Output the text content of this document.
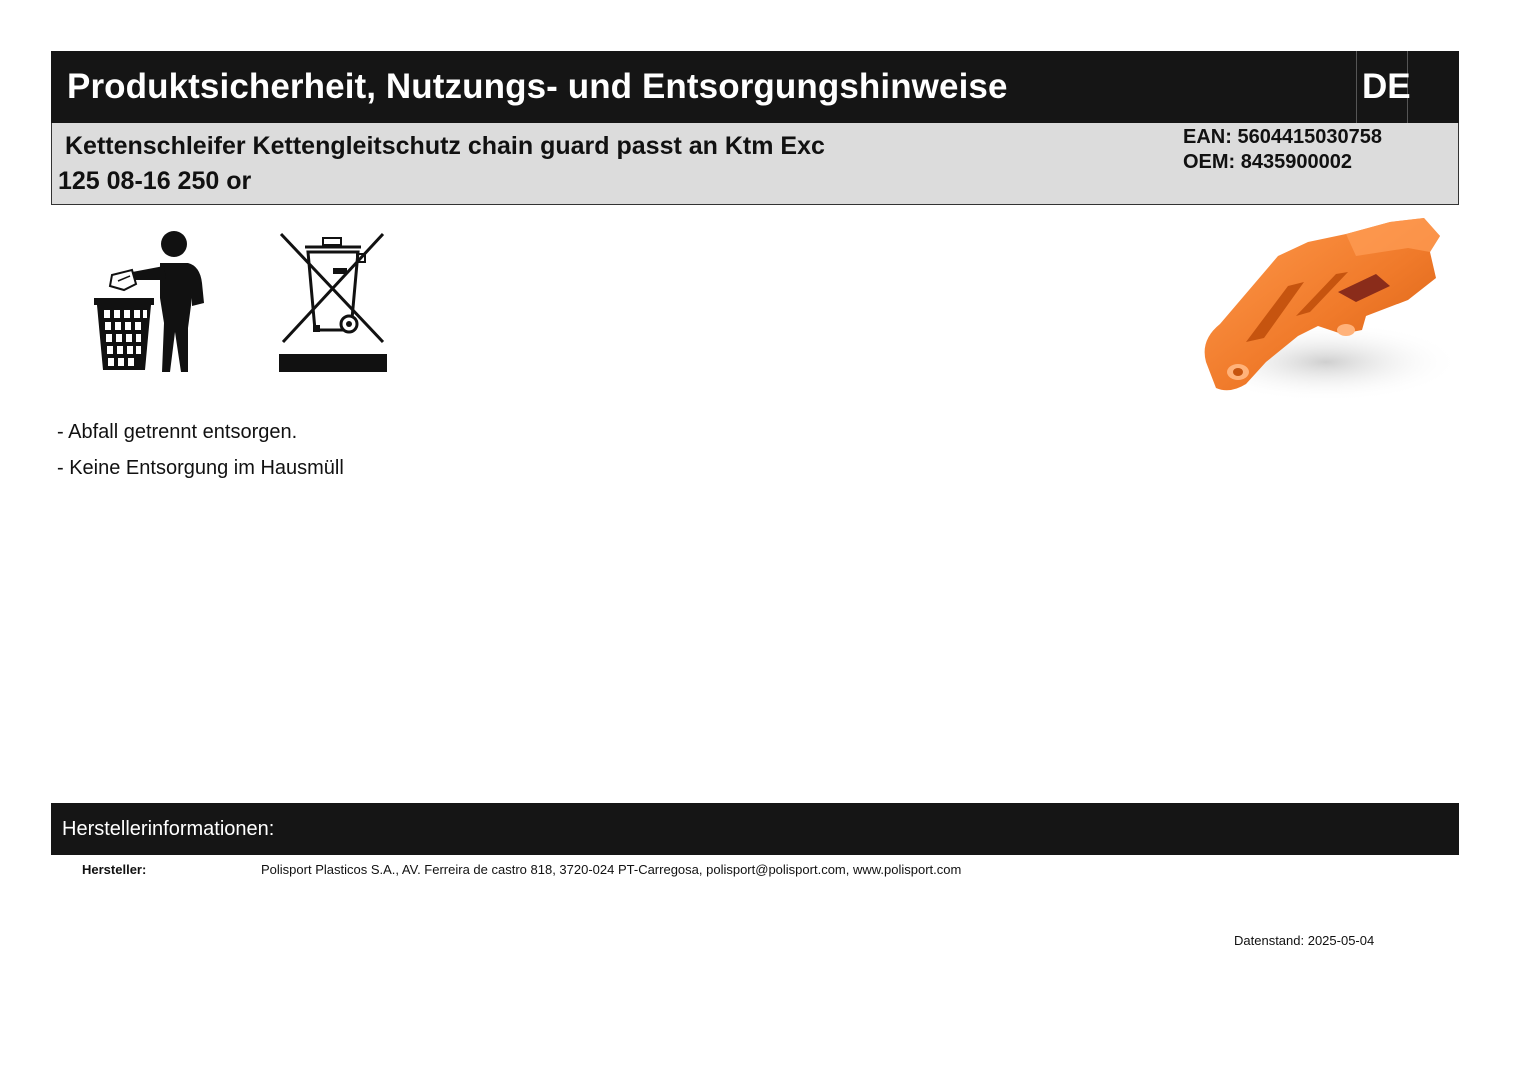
Produktsicherheit, Nutzungs- und Entsorgungshinweise	DE
Kettenschleifer Kettengleitschutz chain guard passt an Ktm Exc
125 08-16 250 or
EAN: 5604415030758
OEM: 8435900002
- Abfall getrennt entsorgen.
- Keine Entsorgung im Hausmüll
Herstellerinformationen:
Hersteller:	Polisport Plasticos S.A., AV. Ferreira de castro 818, 3720-024 PT-Carregosa, polisport@polisport.com, www.polisport.com
Datenstand: 2025-05-04
